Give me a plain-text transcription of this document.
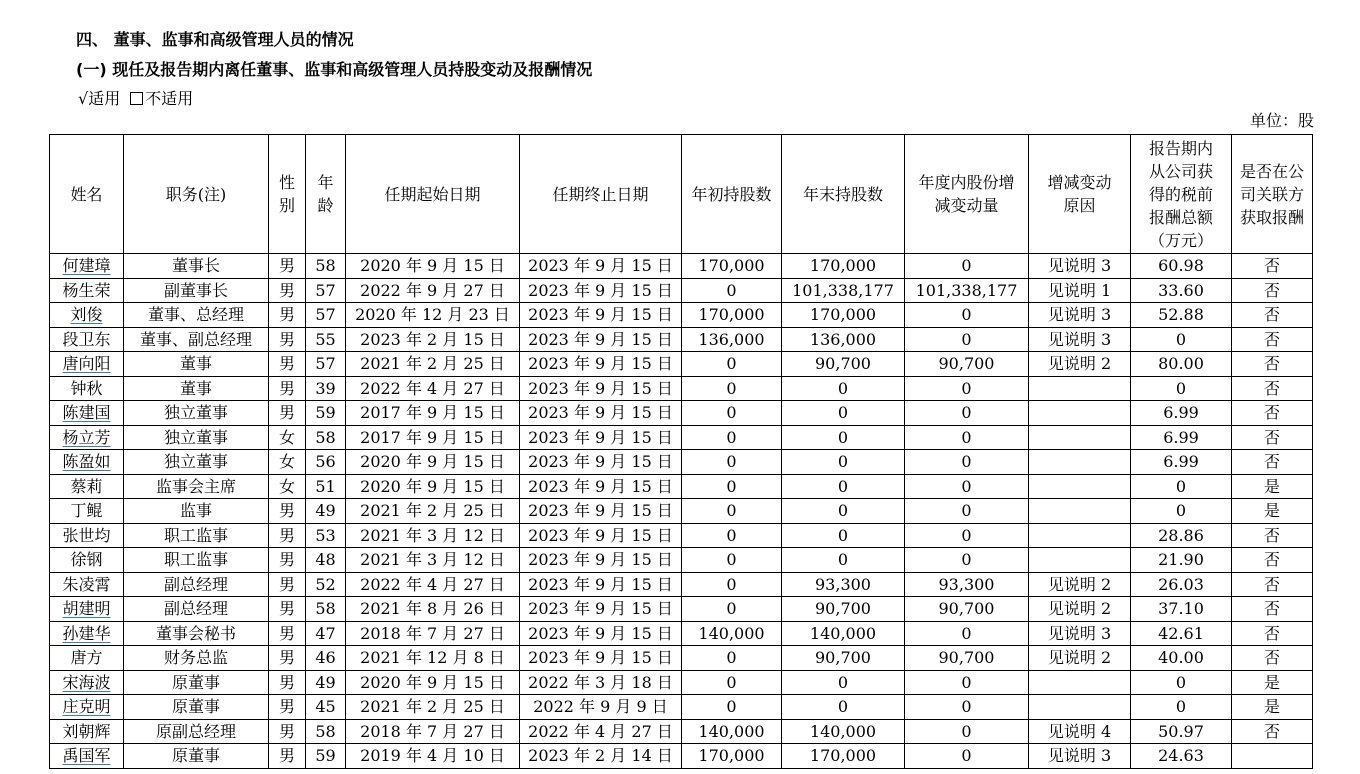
四、 董事、监事和高级管理人员的情况
(一) 现任及报告期内离任董事、监事和高级管理人员持股变动及报酬情况
√适用 不适用
单位：股
姓名	职务(注)	性别	年龄	任期起始日期	任期终止日期	年初持股数	年末持股数	年度内股份增减变动量	增减变动原因	报告期内从公司获得的税前报酬总额（万元）	是否在公司关联方获取报酬
何建璋	董事长	男	58	2020 年 9 月 15 日	2023 年 9 月 15 日	170,000	170,000	0	见说明 3	60.98	否
杨生荣	副董事长	男	57	2022 年 9 月 27 日	2023 年 9 月 15 日	0	101,338,177	101,338,177	见说明 1	33.60	否
刘俊	董事、总经理	男	57	2020 年 12 月 23 日	2023 年 9 月 15 日	170,000	170,000	0	见说明 3	52.88	否
段卫东	董事、副总经理	男	55	2023 年 2 月 15 日	2023 年 9 月 15 日	136,000	136,000	0	见说明 3	0	否
唐向阳	董事	男	57	2021 年 2 月 25 日	2023 年 9 月 15 日	0	90,700	90,700	见说明 2	80.00	否
钟秋	董事	男	39	2022 年 4 月 27 日	2023 年 9 月 15 日	0	0	0		0	否
陈建国	独立董事	男	59	2017 年 9 月 15 日	2023 年 9 月 15 日	0	0	0		6.99	否
杨立芳	独立董事	女	58	2017 年 9 月 15 日	2023 年 9 月 15 日	0	0	0		6.99	否
陈盈如	独立董事	女	56	2020 年 9 月 15 日	2023 年 9 月 15 日	0	0	0		6.99	否
蔡莉	监事会主席	女	51	2020 年 9 月 15 日	2023 年 9 月 15 日	0	0	0		0	是
丁鲲	监事	男	49	2021 年 2 月 25 日	2023 年 9 月 15 日	0	0	0		0	是
张世均	职工监事	男	53	2021 年 3 月 12 日	2023 年 9 月 15 日	0	0	0		28.86	否
徐钢	职工监事	男	48	2021 年 3 月 12 日	2023 年 9 月 15 日	0	0	0		21.90	否
朱凌霄	副总经理	男	52	2022 年 4 月 27 日	2023 年 9 月 15 日	0	93,300	93,300	见说明 2	26.03	否
胡建明	副总经理	男	58	2021 年 8 月 26 日	2023 年 9 月 15 日	0	90,700	90,700	见说明 2	37.10	否
孙建华	董事会秘书	男	47	2018 年 7 月 27 日	2023 年 9 月 15 日	140,000	140,000	0	见说明 3	42.61	否
唐方	财务总监	男	46	2021 年 12 月 8 日	2023 年 9 月 15 日	0	90,700	90,700	见说明 2	40.00	否
宋海波	原董事	男	49	2020 年 9 月 15 日	2022 年 3 月 18 日	0	0	0		0	是
庄克明	原董事	男	45	2021 年 2 月 25 日	2022 年 9 月 9 日	0	0	0		0	是
刘朝辉	原副总经理	男	58	2018 年 7 月 27 日	2022 年 4 月 27 日	140,000	140,000	0	见说明 4	50.97	否
禹国军	原董事	男	59	2019 年 4 月 10 日	2023 年 2 月 14 日	170,000	170,000	0	见说明 3	24.63	
